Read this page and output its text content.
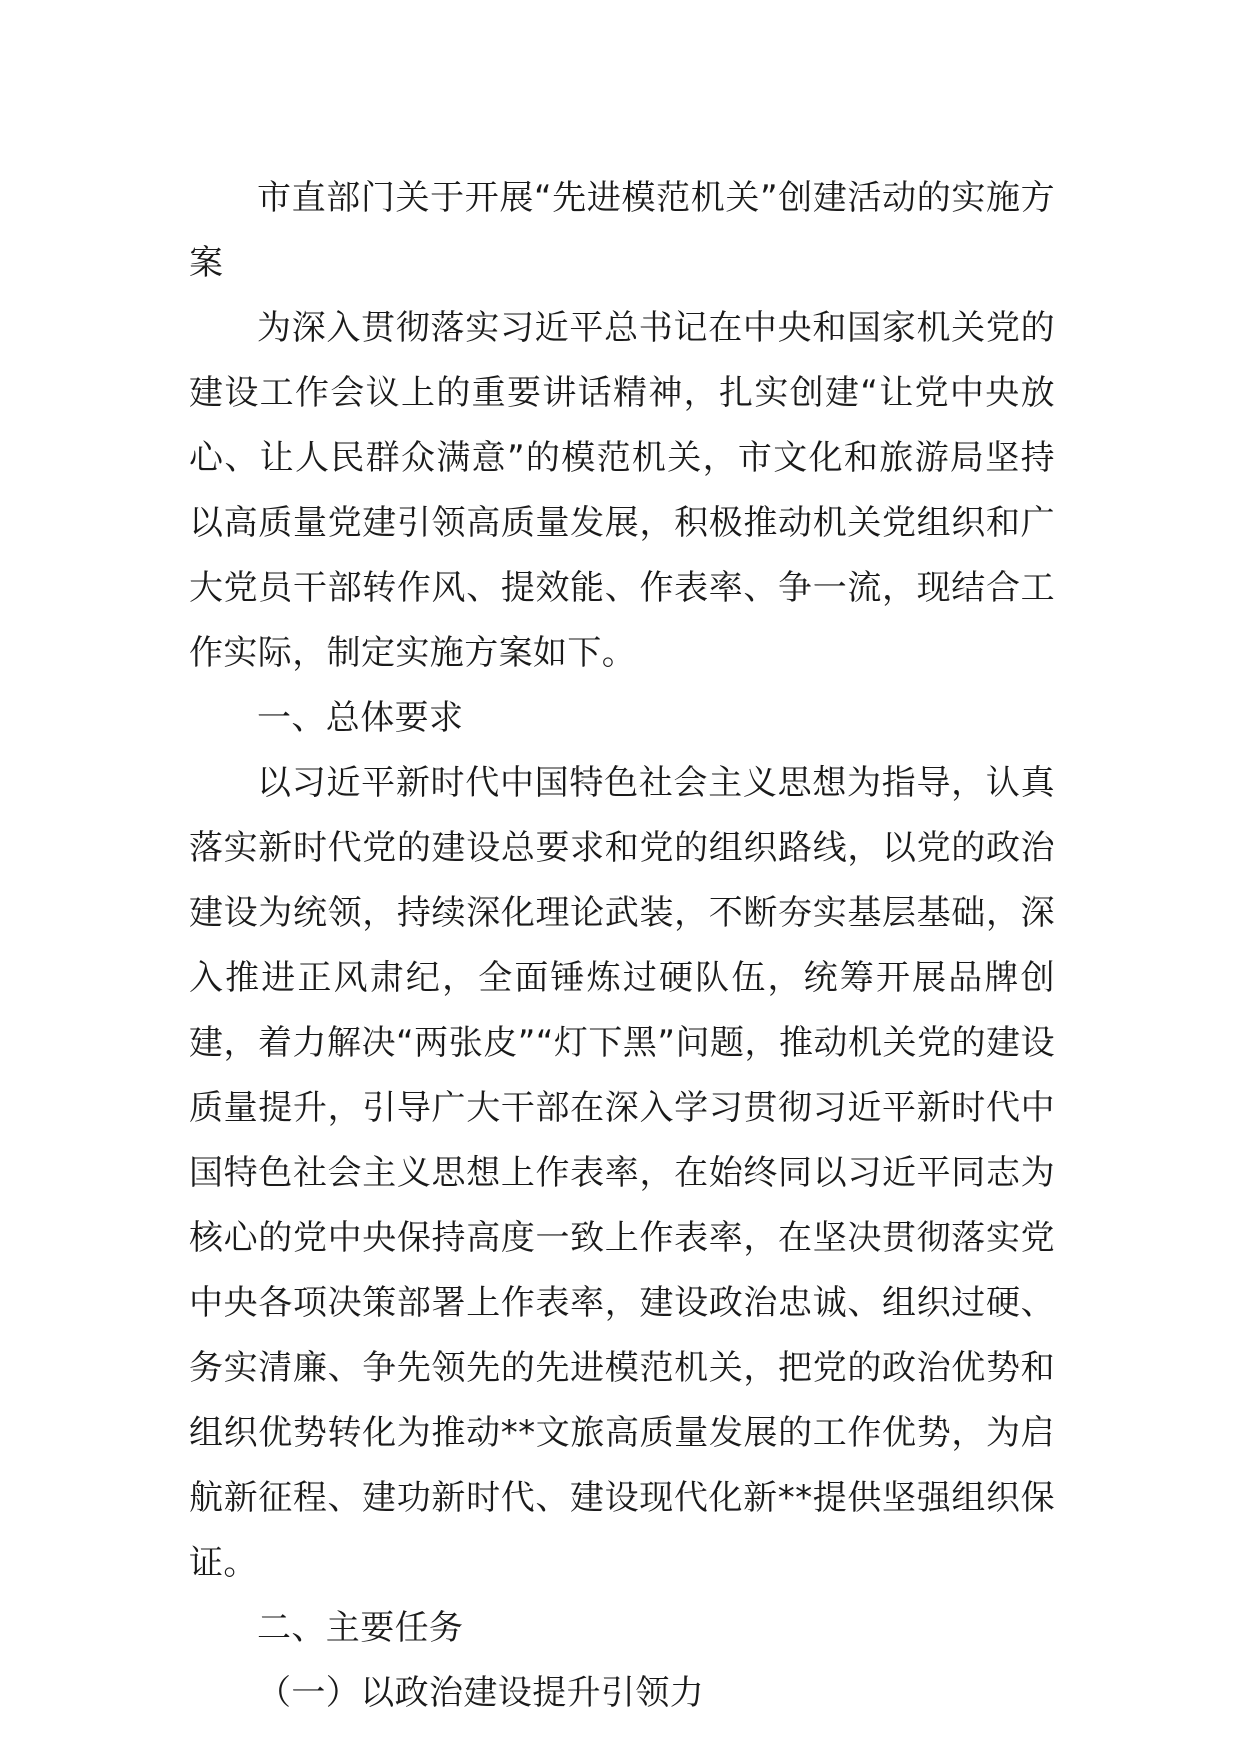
市直部门关于开展“先进模范机关”创建活动的实施方案

为深入贯彻落实习近平总书记在中央和国家机关党的建设工作会议上的重要讲话精神，扎实创建“让党中央放心、让人民群众满意”的模范机关，市文化和旅游局坚持以高质量党建引领高质量发展，积极推动机关党组织和广大党员干部转作风、提效能、作表率、争一流，现结合工作实际，制定实施方案如下。

一、总体要求

以习近平新时代中国特色社会主义思想为指导，认真落实新时代党的建设总要求和党的组织路线，以党的政治建设为统领，持续深化理论武装，不断夯实基层基础，深入推进正风肃纪，全面锤炼过硬队伍，统筹开展品牌创建，着力解决“两张皮”“灯下黑”问题，推动机关党的建设质量提升，引导广大干部在深入学习贯彻习近平新时代中国特色社会主义思想上作表率，在始终同以习近平同志为核心的党中央保持高度一致上作表率，在坚决贯彻落实党中央各项决策部署上作表率，建设政治忠诚、组织过硬、务实清廉、争先领先的先进模范机关，把党的政治优势和组织优势转化为推动**文旅高质量发展的工作优势，为启航新征程、建功新时代、建设现代化新**提供坚强组织保证。

二、主要任务

（一）以政治建设提升引领力
